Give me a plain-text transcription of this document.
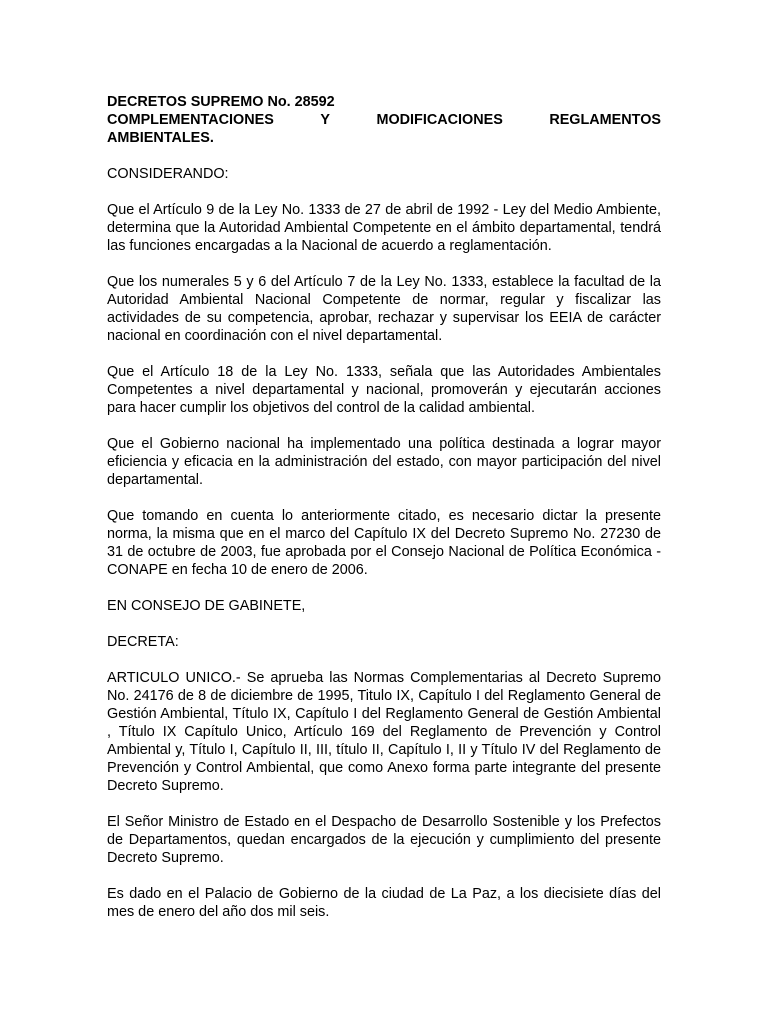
DECRETOS SUPREMO No. 28592
COMPLEMENTACIONES	Y	MODIFICACIONES	REGLAMENTOS
AMBIENTALES.

CONSIDERANDO:

Que el Artículo 9 de la Ley No. 1333 de 27 de abril de 1992 - Ley del Medio Ambiente, determina que la Autoridad Ambiental Competente en el ámbito departamental, tendrá las funciones encargadas a la Nacional de acuerdo a reglamentación.

Que los numerales 5 y 6 del Artículo 7 de la Ley No. 1333, establece la facultad de la Autoridad Ambiental Nacional Competente de normar, regular y fiscalizar las actividades de su competencia, aprobar, rechazar y supervisar los EEIA de carácter nacional en coordinación con el nivel departamental.

Que el Artículo 18 de la Ley No. 1333, señala que las Autoridades Ambientales Competentes a nivel departamental y nacional, promoverán y ejecutarán acciones para hacer cumplir los objetivos del control de la calidad ambiental.

Que el Gobierno nacional ha implementado una política destinada a lograr mayor eficiencia y eficacia en la administración del estado, con mayor participación del nivel departamental.

Que tomando en cuenta lo anteriormente citado, es necesario dictar la presente norma, la misma que en el marco del Capítulo IX del Decreto Supremo No. 27230 de 31 de octubre de 2003, fue aprobada por el Consejo Nacional de Política Económica - CONAPE en fecha 10 de enero de 2006.

EN CONSEJO DE GABINETE,

DECRETA:

ARTICULO UNICO.- Se aprueba las Normas Complementarias al Decreto Supremo No. 24176 de 8 de diciembre de 1995, Titulo IX, Capítulo I del Reglamento General de Gestión Ambiental, Título IX, Capítulo I del Reglamento General de Gestión Ambiental , Título IX Capítulo Unico, Artículo 169 del Reglamento de Prevención y Control Ambiental y, Título I, Capítulo II, III, título II, Capítulo I, II y Título IV del Reglamento de Prevención y Control Ambiental, que como Anexo forma parte integrante del presente Decreto Supremo.

El Señor Ministro de Estado en el Despacho de Desarrollo Sostenible y los Prefectos de Departamentos, quedan encargados de la ejecución y cumplimiento del presente Decreto Supremo.

Es dado en el Palacio de Gobierno de la ciudad de La Paz, a los diecisiete días del mes de enero del año dos mil seis.
